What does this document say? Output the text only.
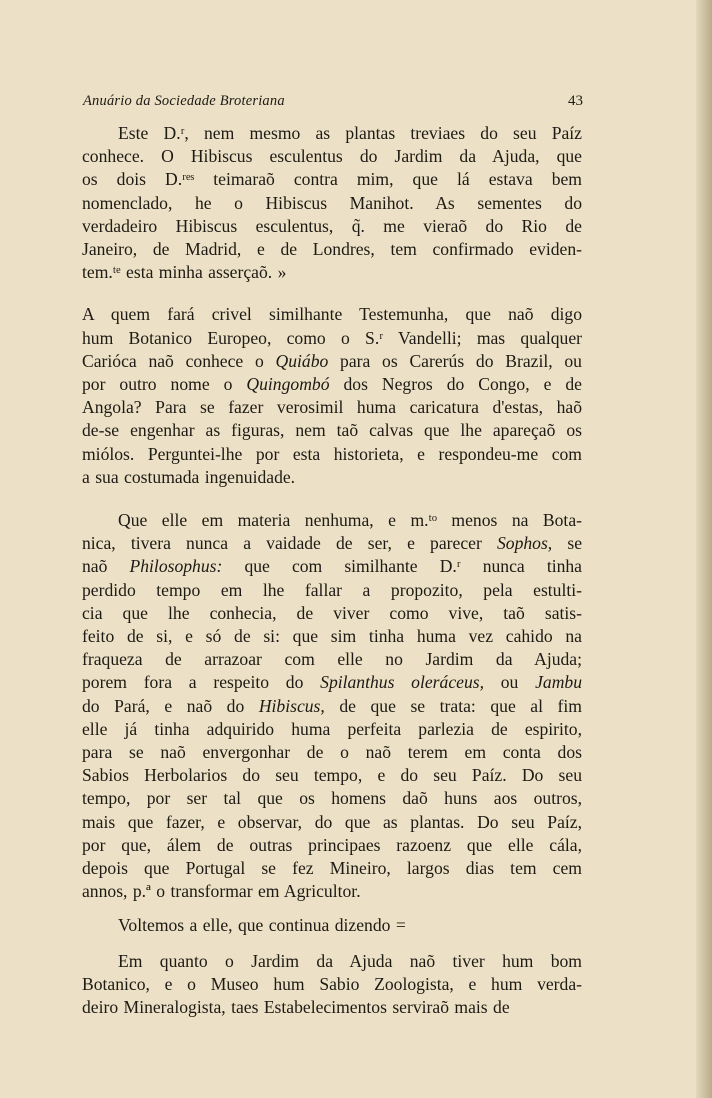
Anuário da Sociedade Broteriana	43

Este D.ʳ, nem mesmo as plantas treviaes do seu Paíz

conhece. O Hibiscus esculentus do Jardim da Ajuda, que

os dois D.ʳᵉˢ teimaraõ contra mim, que lá estava bem

nomenclado, he o Hibiscus Manihot. As sementes do

verdadeiro Hibiscus esculentus, q̃. me vieraõ do Rio de

Janeiro, de Madrid, e de Londres, tem confirmado eviden-

tem.ᵗᵉ esta minha asserçaõ. »

A quem fará crivel similhante Testemunha, que naõ digo

hum Botanico Europeo, como o S.ʳ Vandelli; mas qualquer

Carióca naõ conhece o Quiábo para os Carerús do Brazil, ou

por outro nome o Quingombó dos Negros do Congo, e de

Angola? Para se fazer verosimil huma caricatura d'estas, haõ

de-se engenhar as figuras, nem taõ calvas que lhe apareçaõ os

miólos. Perguntei-lhe por esta historieta, e respondeu-me com

a sua costumada ingenuidade.

Que elle em materia nenhuma, e m.ᵗᵒ menos na Bota-

nica, tivera nunca a vaidade de ser, e parecer Sophos, se

naõ Philosophus: que com similhante D.ʳ nunca tinha

perdido tempo em lhe fallar a propozito, pela estulti-

cia que lhe conhecia, de viver como vive, taõ satis-

feito de si, e só de si: que sim tinha huma vez cahido na

fraqueza de arrazoar com elle no Jardim da Ajuda;

porem fora a respeito do Spilanthus oleráceus, ou Jambu

do Pará, e naõ do Hibiscus, de que se trata: que al fim

elle já tinha adquirido huma perfeita parlezia de espirito,

para se naõ envergonhar de o naõ terem em conta dos

Sabios Herbolarios do seu tempo, e do seu Paíz. Do seu

tempo, por ser tal que os homens daõ huns aos outros,

mais que fazer, e observar, do que as plantas. Do seu Paíz,

por que, álem de outras principaes razoenz que elle cála,

depois que Portugal se fez Mineiro, largos dias tem cem

annos, p.ª o transformar em Agricultor.

Voltemos a elle, que continua dizendo =

Em quanto o Jardim da Ajuda naõ tiver hum bom

Botanico, e o Museo hum Sabio Zoologista, e hum verda-

deiro Mineralogista, taes Estabelecimentos serviraõ mais de
